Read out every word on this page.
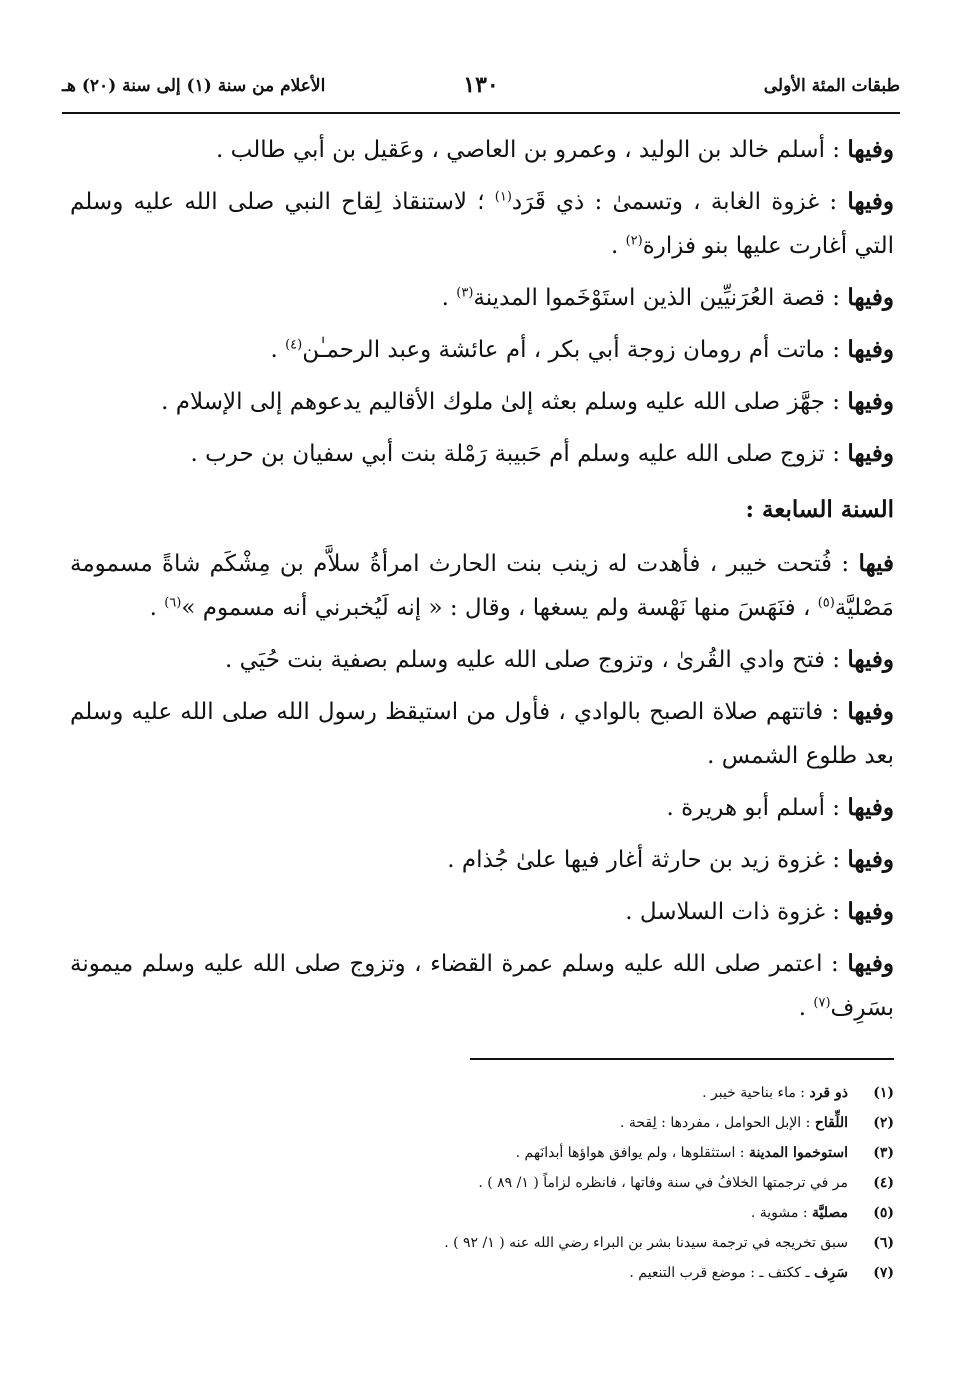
طبقات المئة الأولى
١٣٠
الأعلام من سنة (١) إلى سنة (٢٠) هـ
وفيها : أسلم خالد بن الوليد ، وعمرو بن العاصي ، وعَقيل بن أبي طالب .
وفيها : غزوة الغابة ، وتسمىٰ : ذي قَرَد$^{(١)}$ ؛ لاستنقاذ لِقاح النبي صلى الله عليه وسلم التي أغارت عليها بنو فزارة$^{(٢)}$ .
وفيها : قصة العُرَنيِّين الذين استَوْخَموا المدينة$^{(٣)}$ .
وفيها : ماتت أم رومان زوجة أبي بكر ، أم عائشة وعبد الرحمـٰن$^{(٤)}$ .
وفيها : جهَّز صلى الله عليه وسلم بعثه إلىٰ ملوك الأقاليم يدعوهم إلى الإسلام .
وفيها : تزوج صلى الله عليه وسلم أم حَبيبة رَمْلة بنت أبي سفيان بن حرب .
السنة السابعة :
فيها : فُتحت خيبر ، فأهدت له زينب بنت الحارث امرأةُ سلاَّم بن مِشْكَم شاةً مسمومة مَصْليَّة$^{(٥)}$ ، فنَهَسَ منها نَهْسة ولم يسغها ، وقال : « إنه لَيُخبرني أنه مسموم »$^{(٦)}$ .
وفيها : فتح وادي القُرىٰ ، وتزوج صلى الله عليه وسلم بصفية بنت حُيَي .
وفيها : فاتتهم صلاة الصبح بالوادي ، فأول من استيقظ رسول الله صلى الله عليه وسلم بعد طلوع الشمس .
وفيها : أسلم أبو هريرة .
وفيها : غزوة زيد بن حارثة أغار فيها علىٰ جُذام .
وفيها : غزوة ذات السلاسل .
وفيها : اعتمر صلى الله عليه وسلم عمرة القضاء ، وتزوج صلى الله عليه وسلم ميمونة بسَرِف$^{(٧)}$ .
(١)
ذو قرد : ماء بناحية خيبر .
(٢)
اللِّقاح : الإبل الحوامل ، مفردها : لِقحة .
(٣)
استوخموا المدينة : استثقلوها ، ولم يوافق هواؤها أبدانَهم .
(٤)
مر في ترجمتها الخلافُ في سنة وفاتها ، فانظره لزاماً ( ١/ ٨٩ ) .
(٥)
مصليَّة : مشوية .
(٦)
سبق تخريجه في ترجمة سيدنا بشر بن البراء رضي الله عنه ( ١/ ٩٢ ) .
(٧)
سَرِف ـ ككتف ـ : موضع قرب التنعيم .
